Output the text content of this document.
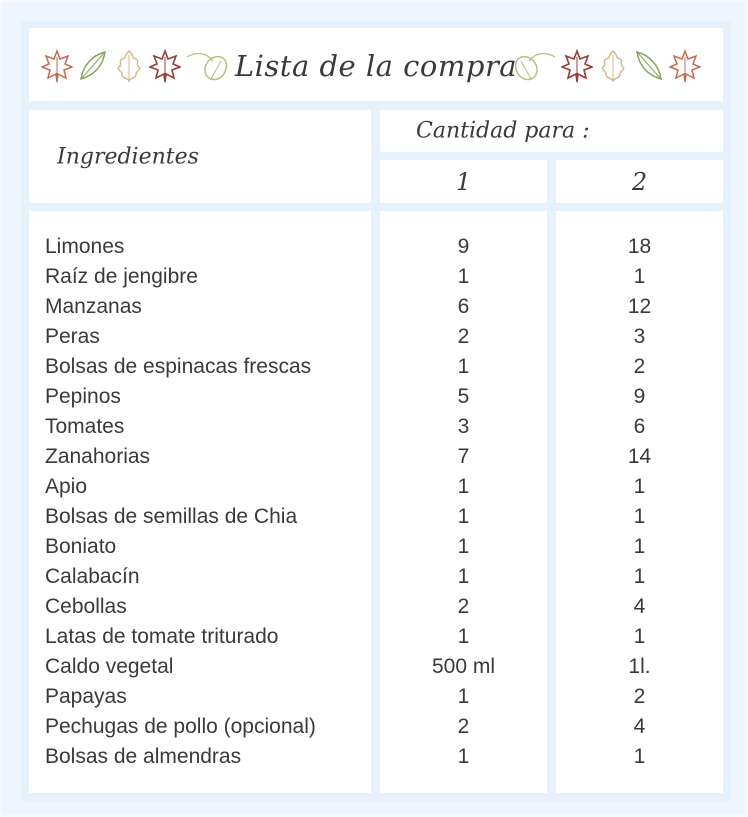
Lista de la compra
Ingredientes
Cantidad para :
1	2
Limones
Raíz de jengibre
Manzanas
Peras
Bolsas de espinacas frescas
Pepinos
Tomates
Zanahorias
Apio
Bolsas de semillas de Chia
Boniato
Calabacín
Cebollas
Latas de tomate triturado
Caldo vegetal
Papayas
Pechugas de pollo (opcional)
Bolsas de almendras
9
1
6
2
1
5
3
7
1
1
1
1
2
1
500 ml
1
2
1
18
1
12
3
2
9
6
14
1
1
1
1
4
1
1l.
2
4
1
